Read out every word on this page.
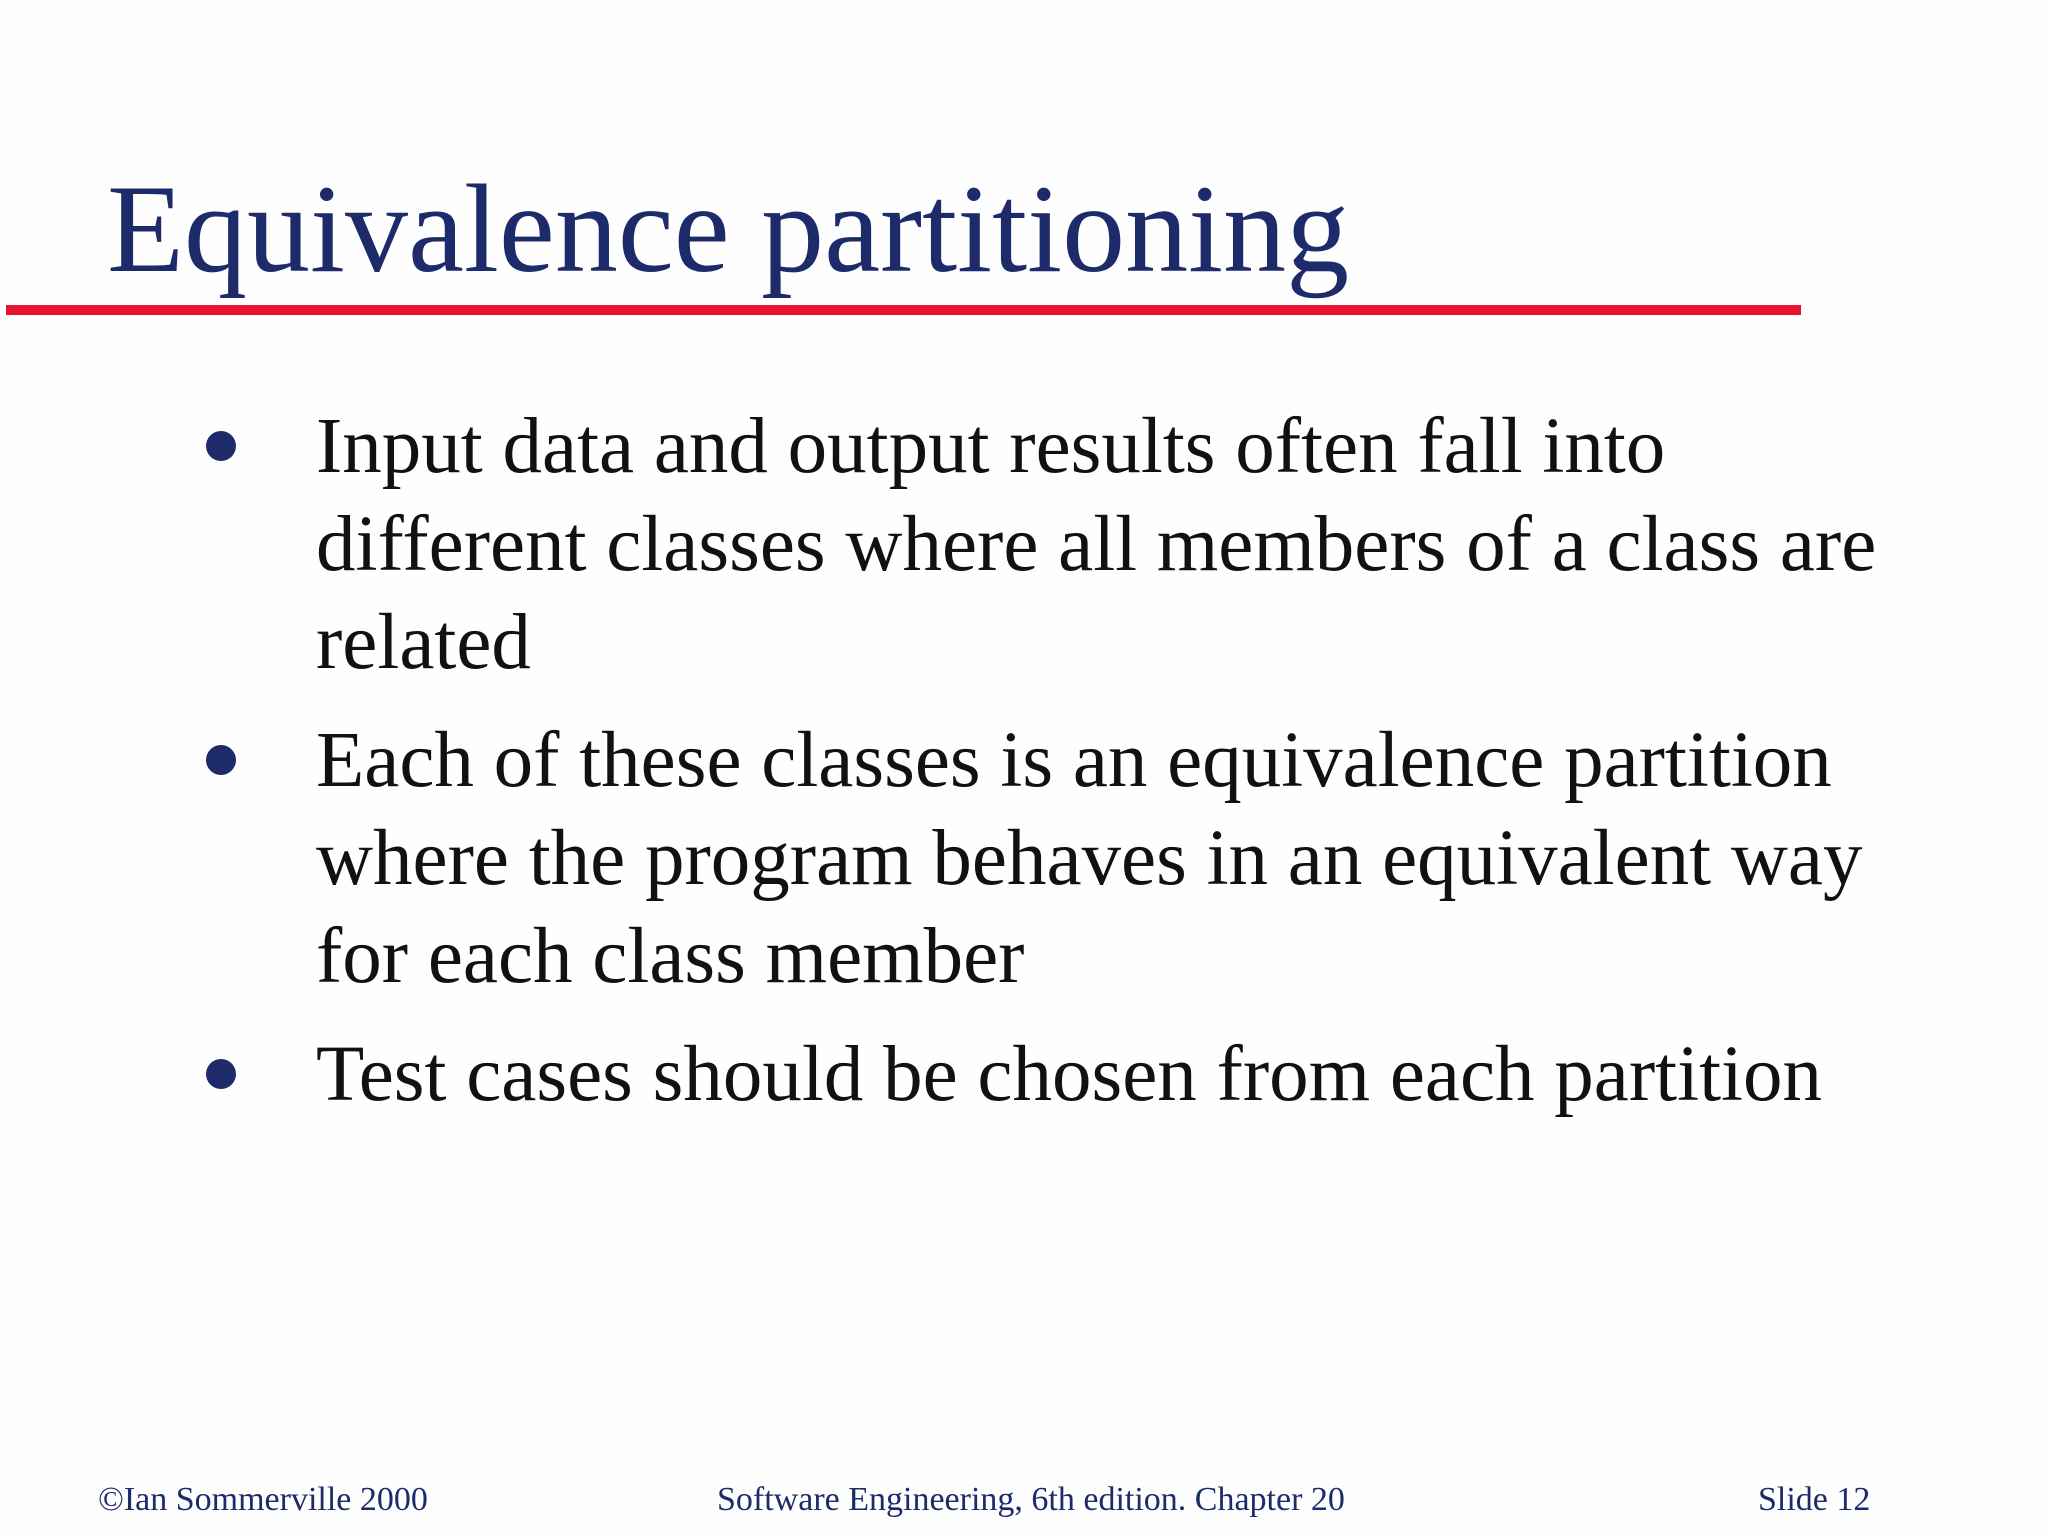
Equivalence partitioning
Input data and output results often fall into different classes where all members of a class are related
Each of these classes is an equivalence partition where the program behaves in an equivalent way for each class member
Test cases should be chosen from each partition
©Ian Sommerville 2000	Software Engineering, 6th edition. Chapter 20	Slide 12
